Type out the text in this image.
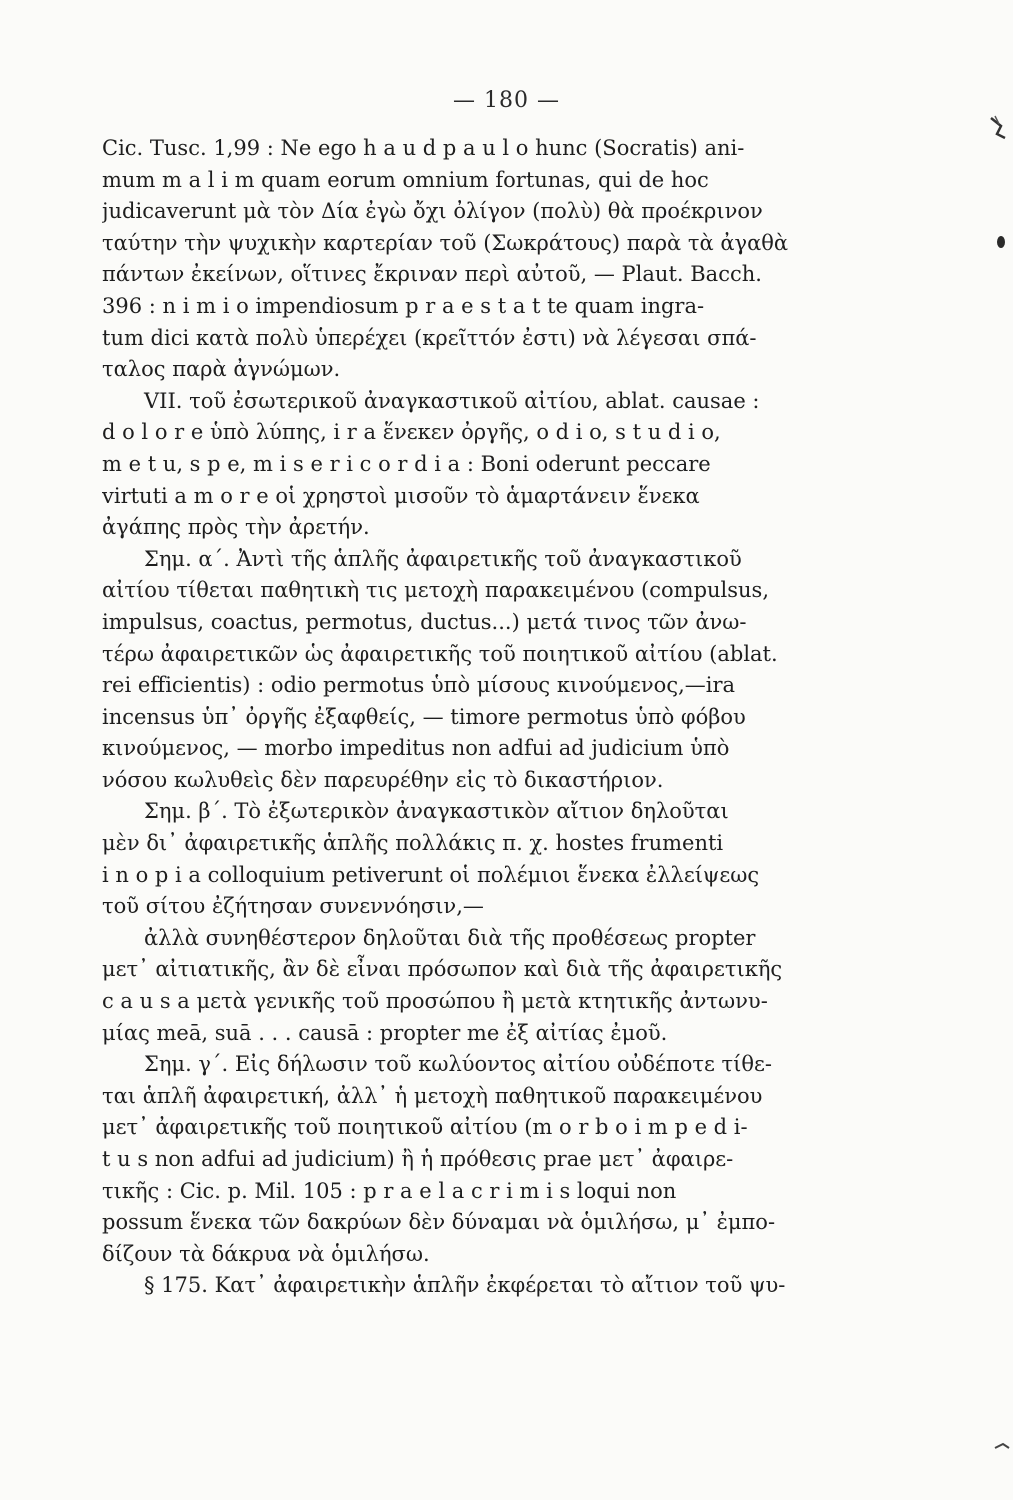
— 180 —
Cic. Tusc. 1,99 : Ne ego h a u d p a u l o hunc (Socratis) ani-
mum m a l i m quam eorum omnium fortunas, qui de hoc
judicaverunt μὰ τὸν Δία ἐγὼ ὄχι ὀλίγον (πολὺ) θὰ προέκρινον
ταύτην τὴν ψυχικὴν καρτερίαν τοῦ (Σωκράτους) παρὰ τὰ ἀγαθὰ
πάντων ἐκείνων, οἵτινες ἔκριναν περὶ αὐτοῦ, — Plaut. Bacch.
396 : n i m i o impendiosum p r a e s t a t te quam ingra-
tum dici κατὰ πολὺ ὑπερέχει (κρεῖττόν ἐστι) νὰ λέγεσαι σπά-
ταλος παρὰ ἀγνώμων.
VII. τοῦ ἐσωτερικοῦ ἀναγκαστικοῦ αἰτίου, ablat. causae :
d o l o r e ὑπὸ λύπης, i r a ἕνεκεν ὀργῆς, o d i o, s t u d i o,
m e t u, s p e, m i s e r i c o r d i a : Boni oderunt peccare
virtuti a m o r e οἱ χρηστοὶ μισοῦν τὸ ἁμαρτάνειν ἕνεκα
ἀγάπης πρὸς τὴν ἀρετήν.
Σημ. α΄. Ἀντὶ τῆς ἁπλῆς ἀφαιρετικῆς τοῦ ἀναγκαστικοῦ
αἰτίου τίθεται παθητικὴ τις μετοχὴ παρακειμένου (compulsus,
impulsus, coactus, permotus, ductus...) μετά τινος τῶν ἀνω-
τέρω ἀφαιρετικῶν ὡς ἀφαιρετικῆς τοῦ ποιητικοῦ αἰτίου (ablat.
rei efficientis) : odio permotus ὑπὸ μίσους κινούμενος,—ira
incensus ὑπ᾽ ὀργῆς ἐξαφθείς, — timore permotus ὑπὸ φόβου
κινούμενος, — morbo impeditus non adfui ad judicium ὑπὸ
νόσου κωλυθεὶς δὲν παρευρέθην εἰς τὸ δικαστήριον.
Σημ. β΄. Τὸ ἐξωτερικὸν ἀναγκαστικὸν αἴτιον δηλοῦται
μὲν δι᾽ ἀφαιρετικῆς ἁπλῆς πολλάκις π. χ. hostes frumenti
i n o p i a colloquium petiverunt οἱ πολέμιοι ἕνεκα ἐλλείψεως
τοῦ σίτου ἐζήτησαν συνεννόησιν,—
ἀλλὰ συνηθέστερον δηλοῦται διὰ τῆς προθέσεως propter
μετ᾽ αἰτιατικῆς, ἂν δὲ εἶναι πρόσωπον καὶ διὰ τῆς ἀφαιρετικῆς
c a u s a μετὰ γενικῆς τοῦ προσώπου ἢ μετὰ κτητικῆς ἀντωνυ-
μίας meā, suā . . . causā : propter me ἐξ αἰτίας ἐμοῦ.
Σημ. γ΄. Εἰς δήλωσιν τοῦ κωλύοντος αἰτίου οὐδέποτε τίθε-
ται ἁπλῆ ἀφαιρετική, ἀλλ᾽ ἡ μετοχὴ παθητικοῦ παρακειμένου
μετ᾽ ἀφαιρετικῆς τοῦ ποιητικοῦ αἰτίου (m o r b o i m p e d i-
t u s non adfui ad judicium) ἢ ἡ πρόθεσις prae μετ᾽ ἀφαιρε-
τικῆς : Cic. p. Mil. 105 : p r a e l a c r i m i s loqui non
possum ἕνεκα τῶν δακρύων δὲν δύναμαι νὰ ὁμιλήσω, μ᾽ ἐμπο-
δίζουν τὰ δάκρυα νὰ ὁμιλήσω.
§ 175. Κατ᾽ ἀφαιρετικὴν ἁπλῆν ἐκφέρεται τὸ αἴτιον τοῦ ψυ-
